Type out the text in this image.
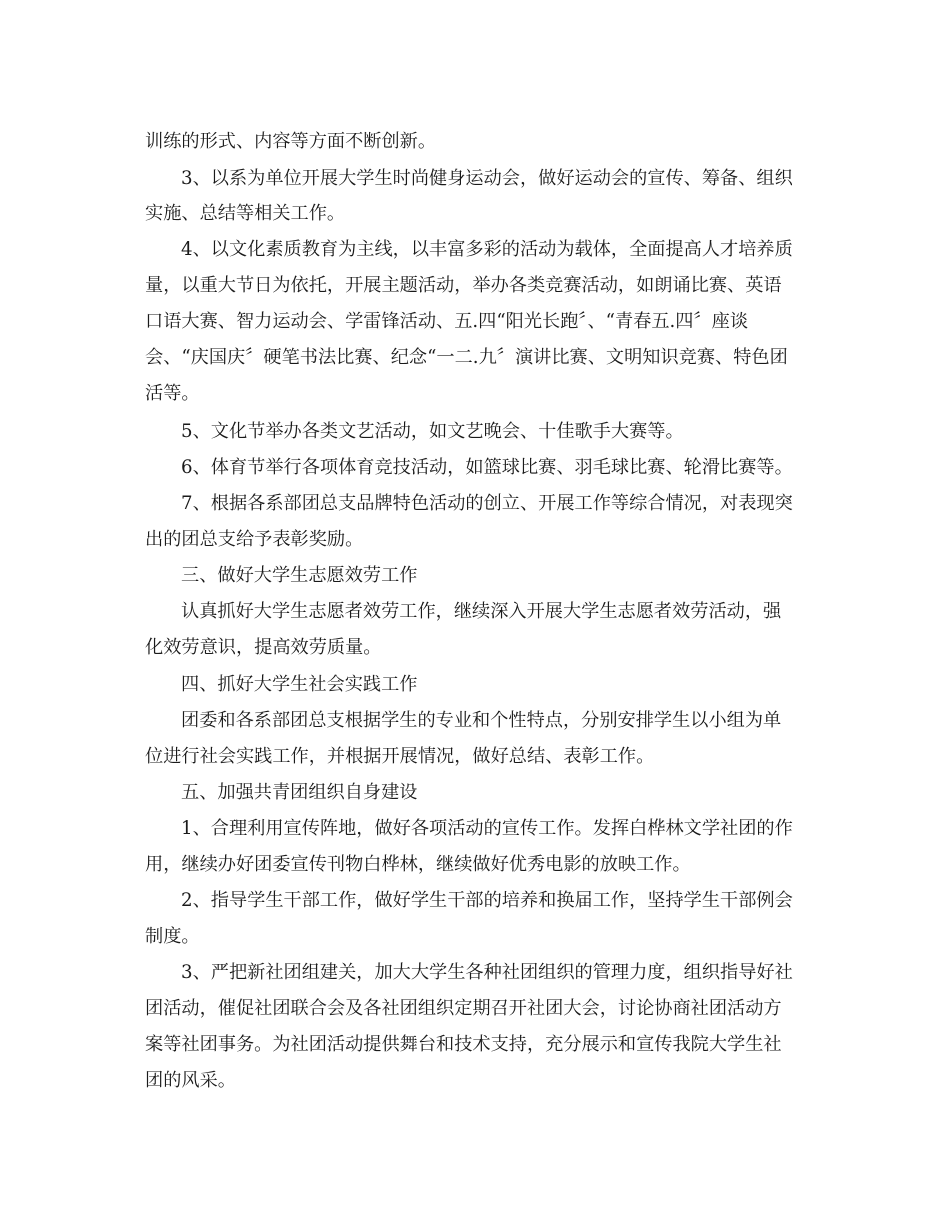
训练的形式、内容等方面不断创新。
3、以系为单位开展大学生时尚健身运动会，做好运动会的宣传、筹备、组织
实施、总结等相关工作。
4、以文化素质教育为主线，以丰富多彩的活动为载体，全面提高人才培养质
量，以重大节日为依托，开展主题活动，举办各类竞赛活动，如朗诵比赛、英语
口语大赛、智力运动会、学雷锋活动、五.四“阳光长跑〞、“青春五.四〞座谈
会、“庆国庆〞硬笔书法比赛、纪念“一二.九〞演讲比赛、文明知识竞赛、特色团
活等。
5、文化节举办各类文艺活动，如文艺晚会、十佳歌手大赛等。
6、体育节举行各项体育竞技活动，如篮球比赛、羽毛球比赛、轮滑比赛等。
7、根据各系部团总支品牌特色活动的创立、开展工作等综合情况，对表现突
出的团总支给予表彰奖励。
三、做好大学生志愿效劳工作
认真抓好大学生志愿者效劳工作，继续深入开展大学生志愿者效劳活动，强
化效劳意识，提高效劳质量。
四、抓好大学生社会实践工作
团委和各系部团总支根据学生的专业和个性特点，分别安排学生以小组为单
位进行社会实践工作，并根据开展情况，做好总结、表彰工作。
五、加强共青团组织自身建设
1、合理利用宣传阵地，做好各项活动的宣传工作。发挥白桦林文学社团的作
用，继续办好团委宣传刊物白桦林，继续做好优秀电影的放映工作。
2、指导学生干部工作，做好学生干部的培养和换届工作，坚持学生干部例会
制度。
3、严把新社团组建关，加大大学生各种社团组织的管理力度，组织指导好社
团活动，催促社团联合会及各社团组织定期召开社团大会，讨论协商社团活动方
案等社团事务。为社团活动提供舞台和技术支持，充分展示和宣传我院大学生社
团的风采。
